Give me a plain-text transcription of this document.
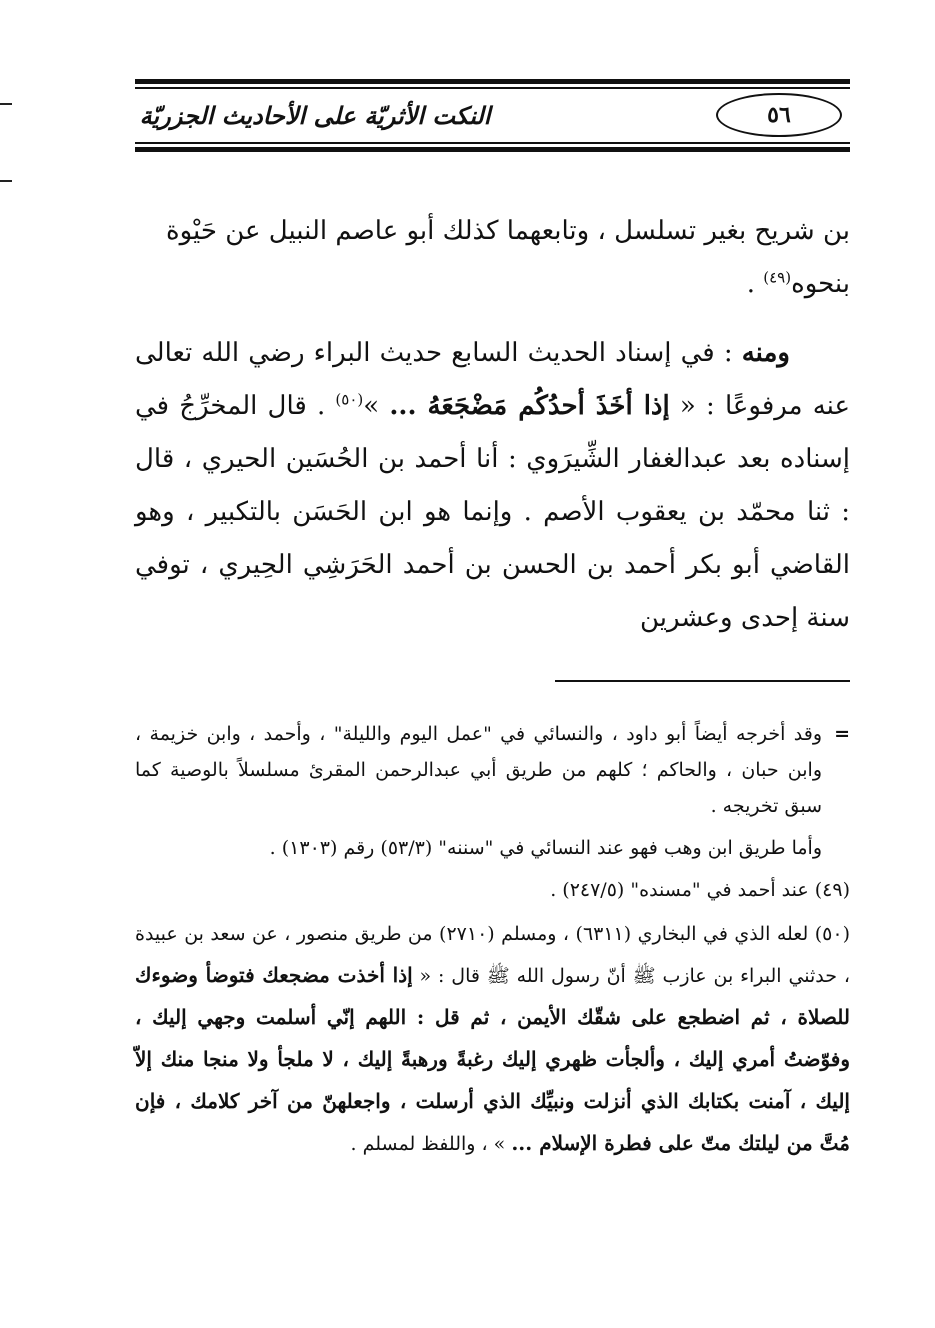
النكت الأثريّة على الأحاديث الجزريّة	٥٦

بن شريح بغير تسلسل ، وتابعهما كذلك أبو عاصم النبيل عن حَيْوة
بنحوه$^{(٤٩)}$ .

ومنه : في إسناد الحديث السابع حديث البراء رضي الله تعالى عنه مرفوعًا : « إذا أخَذَ أحدُكُم مَضْجَعَهُ ... »$^{(٥٠)}$ . قال المخرِّجُ في إسناده بعد عبدالغفار الشِّيرَوي : أنا أحمد بن الحُسَين الحيري ، قال : ثنا محمّد بن يعقوب الأصم . وإنما هو ابن الحَسَن بالتكبير ، وهو القاضي أبو بكر أحمد بن الحسن بن أحمد الحَرَشِي الحِيري ، توفي سنة إحدى وعشرين

=
وقد أخرجه أيضاً أبو داود ، والنسائي في "عمل اليوم والليلة" ، وأحمد ، وابن خزيمة ، وابن حبان ، والحاكم ؛ كلهم من طريق أبي عبدالرحمن المقرئ مسلسلاً بالوصية كما سبق تخريجه .
وأما طريق ابن وهب فهو عند النسائي في "سننه" (٥٣/٣) رقم (١٣٠٣) .
(٤٩) عند أحمد في "مسنده" (٢٤٧/٥) .
(٥٠) لعله الذي في البخاري (٦٣١١) ، ومسلم (٢٧١٠) من طريق منصور ، عن سعد بن عبيدة ، حدثني البراء بن عازب ﷺ أنّ رسول الله ﷺ قال : « إذا أخذت مضجعك فتوضأ وضوءك للصلاة ، ثم اضطجع على شقّك الأيمن ، ثم قل : اللهم إنّي أسلمت وجهي إليك ، وفوّضتُ أمري إليك ، وألجأت ظهري إليك رغبةً ورهبةً إليك ، لا ملجأ ولا منجا منك إلاّ إليك ، آمنت بكتابك الذي أنزلت ونبيِّك الذي أرسلت ، واجعلهنّ من آخر كلامك ، فإن مُتَّ من ليلتك متّ على فطرة الإسلام ... » ، واللفظ لمسلم .
